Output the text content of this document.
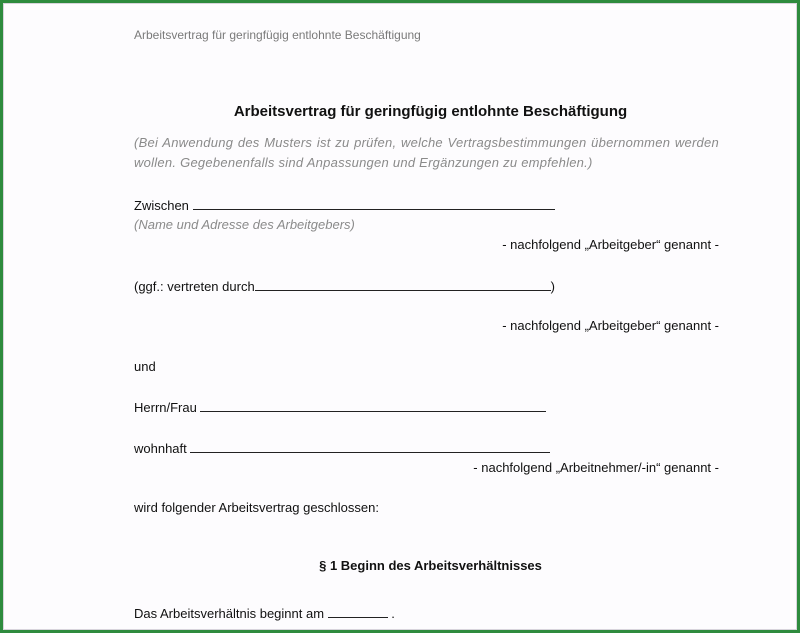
Arbeitsvertrag für geringfügig entlohnte Beschäftigung
Arbeitsvertrag für geringfügig entlohnte Beschäftigung
(Bei Anwendung des Musters ist zu prüfen, welche Vertragsbestimmungen übernommen werden wollen. Gegebenenfalls sind Anpassungen und Ergänzungen zu empfehlen.)
Zwischen
(Name und Adresse des Arbeitgebers)
- nachfolgend „Arbeitgeber“ genannt -
(ggf.: vertreten durch	)
- nachfolgend „Arbeitgeber“ genannt -
und
Herrn/Frau
wohnhaft
- nachfolgend „Arbeitnehmer/-in“ genannt -
wird folgender Arbeitsvertrag geschlossen:
§ 1 Beginn des Arbeitsverhältnisses
Das Arbeitsverhältnis beginnt am	.
